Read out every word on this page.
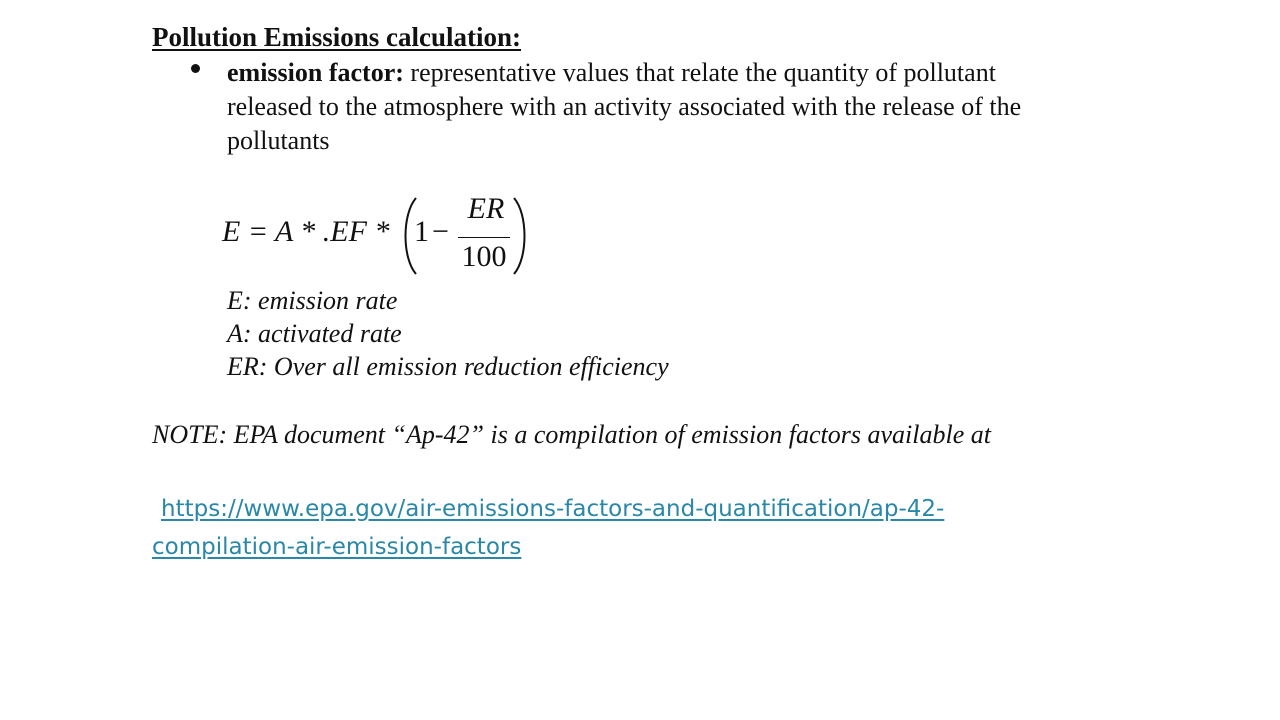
Pollution Emissions calculation:
emission factor: representative values that relate the quantity of pollutant released to the atmosphere with an activity associated with the release of the pollutants
E = A * .EF * 1 −
ER
100
E: emission rate
A: activated rate
ER: Over all emission reduction efficiency
NOTE: EPA document “Ap-42” is a compilation of emission factors available at
https://www.epa.gov/air-emissions-factors-and-quantification/ap-42-
compilation-air-emission-factors
